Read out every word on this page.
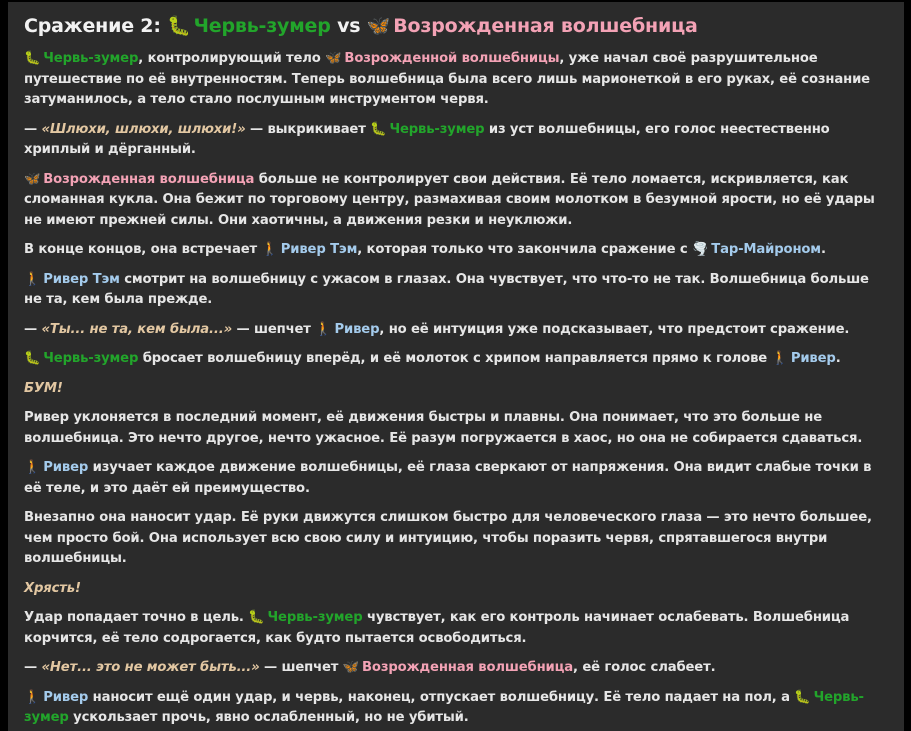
Сражение 2: 🐛 Червь-зумер vs 🦋 Возрожденная волшебница

🐛 Червь-зумер, контролирующий тело 🦋 Возрожденной волшебницы, уже начал своё разрушительное путешествие по её внутренностям. Теперь волшебница была всего лишь марионеткой в его руках, её сознание затуманилось, а тело стало послушным инструментом червя.

— «Шлюхи, шлюхи, шлюхи!» — выкрикивает 🐛 Червь-зумер из уст волшебницы, его голос неестественно хриплый и дёрганный.

🦋 Возрожденная волшебница больше не контролирует свои действия. Её тело ломается, искривляется, как сломанная кукла. Она бежит по торговому центру, размахивая своим молотком в безумной ярости, но её удары не имеют прежней силы. Они хаотичны, а движения резки и неуклюжи.

В конце концов, она встречает 🚶 Ривер Тэм, которая только что закончила сражение с 🌪️ Тар-Майроном.

🚶 Ривер Тэм смотрит на волшебницу с ужасом в глазах. Она чувствует, что что-то не так. Волшебница больше не та, кем была прежде.

— «Ты... не та, кем была...» — шепчет 🚶 Ривер, но её интуиция уже подсказывает, что предстоит сражение.

🐛 Червь-зумер бросает волшебницу вперёд, и её молоток с хрипом направляется прямо к голове 🚶 Ривер.

БУМ!

Ривер уклоняется в последний момент, её движения быстры и плавны. Она понимает, что это больше не волшебница. Это нечто другое, нечто ужасное. Её разум погружается в хаос, но она не собирается сдаваться.

🚶 Ривер изучает каждое движение волшебницы, её глаза сверкают от напряжения. Она видит слабые точки в её теле, и это даёт ей преимущество.

Внезапно она наносит удар. Её руки движутся слишком быстро для человеческого глаза — это нечто большее, чем просто бой. Она использует всю свою силу и интуицию, чтобы поразить червя, спрятавшегося внутри волшебницы.

Хрясть!

Удар попадает точно в цель. 🐛 Червь-зумер чувствует, как его контроль начинает ослабевать. Волшебница корчится, её тело содрогается, как будто пытается освободиться.

— «Нет... это не может быть...» — шепчет 🦋 Возрожденная волшебница, её голос слабеет.

🚶 Ривер наносит ещё один удар, и червь, наконец, отпускает волшебницу. Её тело падает на пол, а 🐛 Червь-зумер ускользает прочь, явно ослабленный, но не убитый.
